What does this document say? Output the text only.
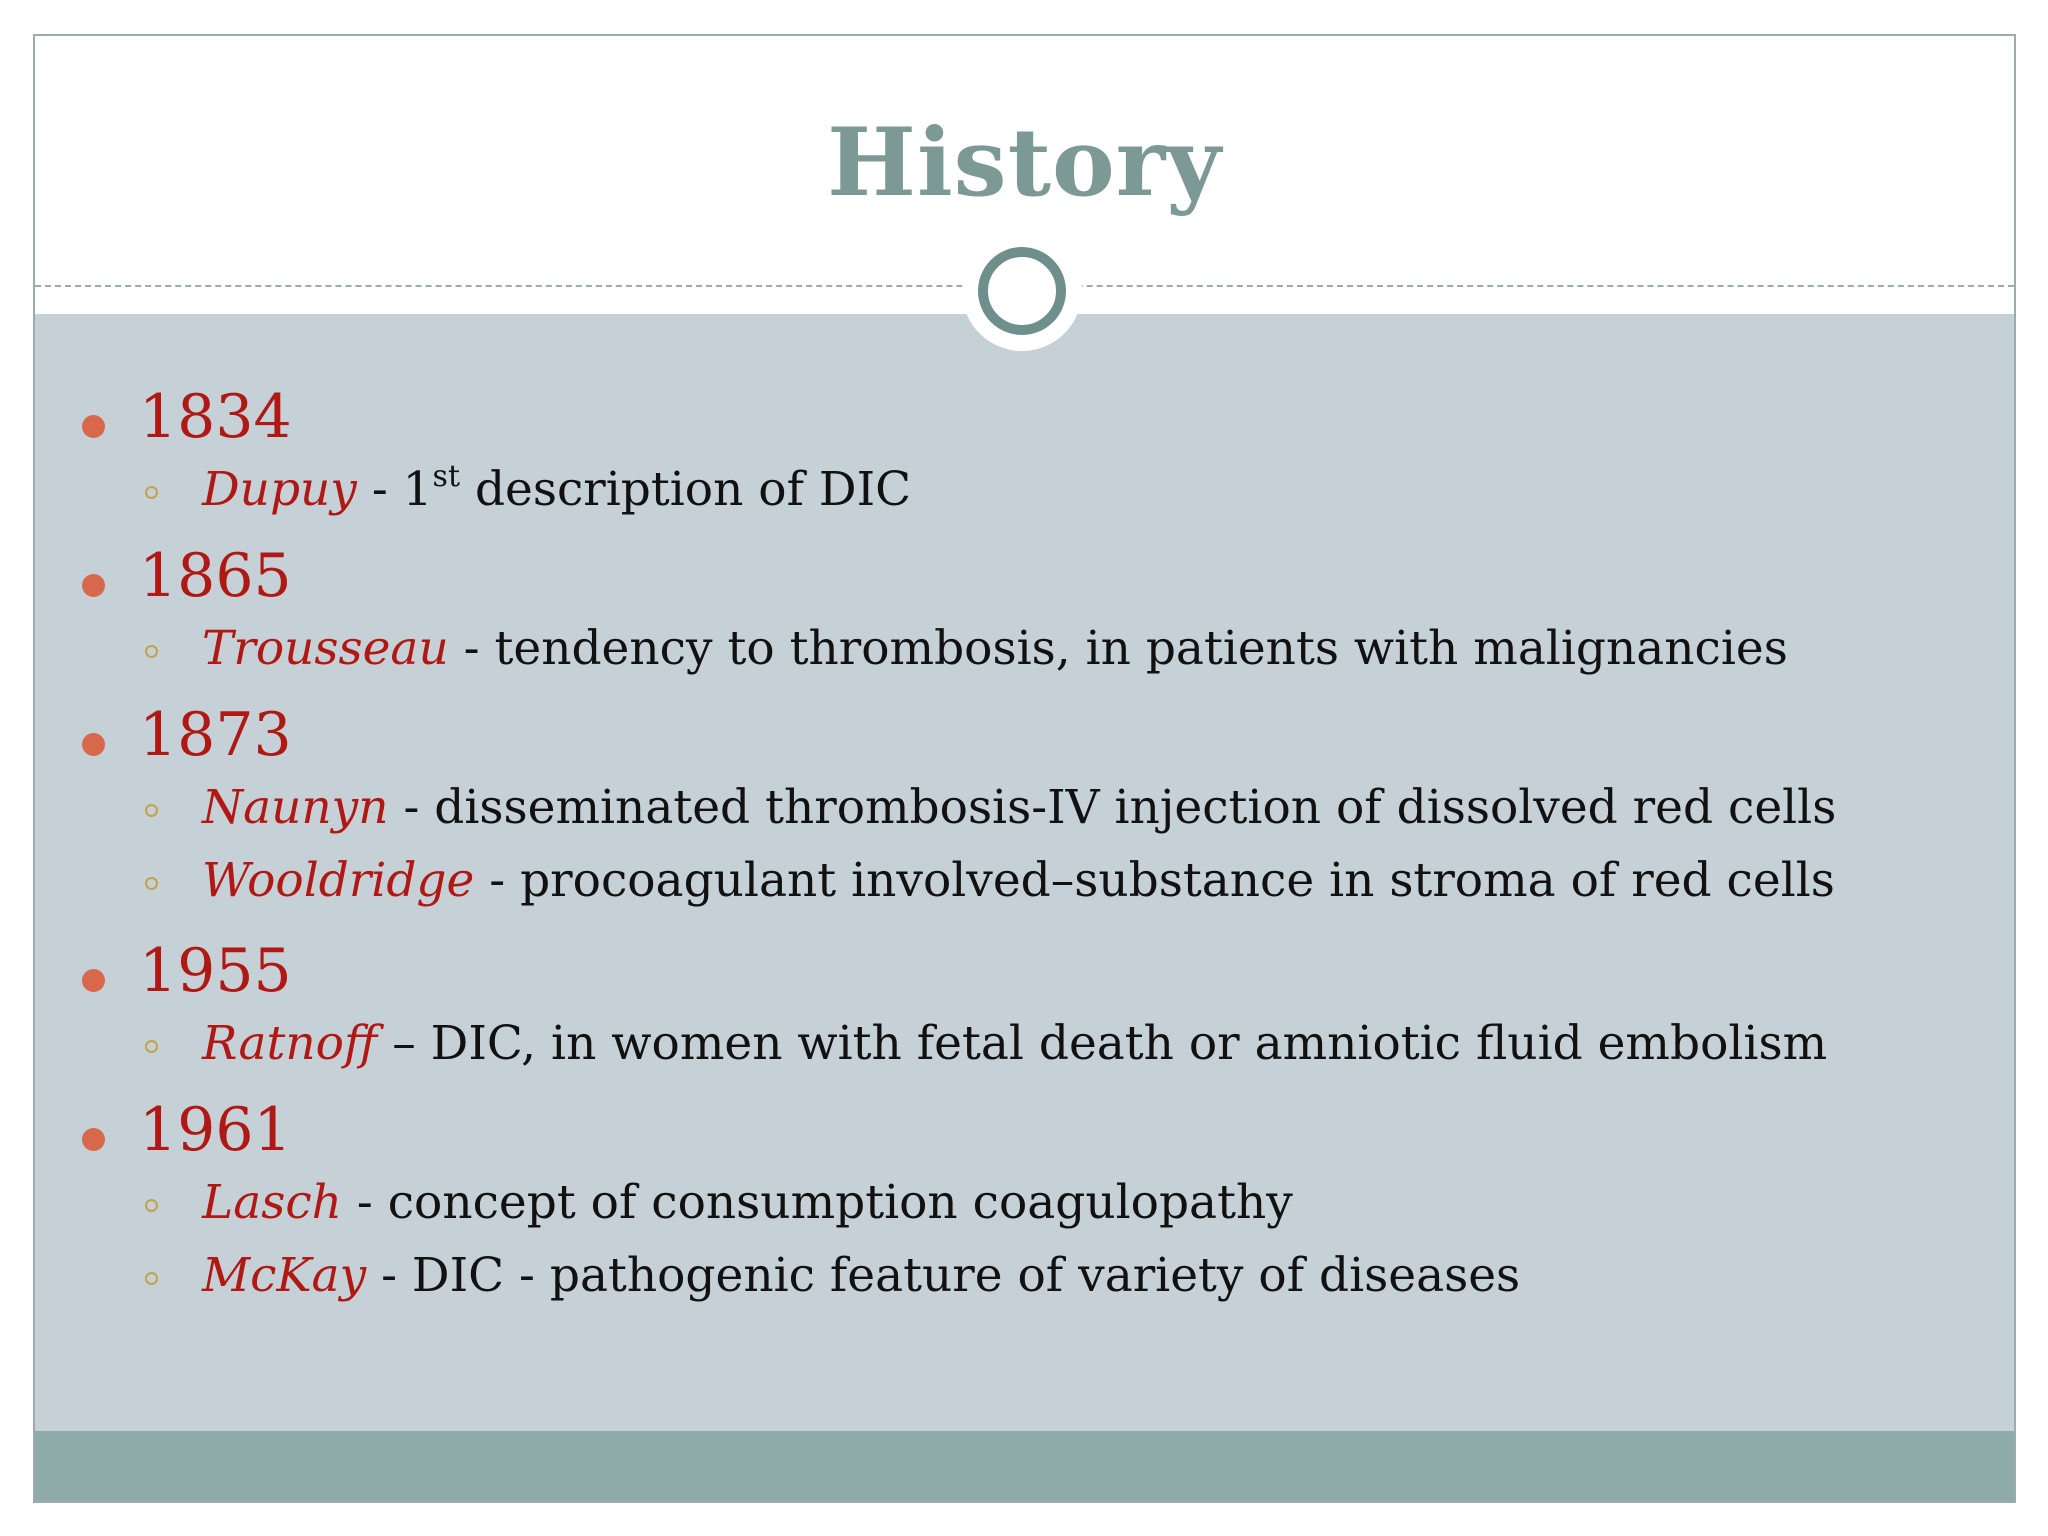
History
1834
Dupuy - 1st description of DIC
1865
Trousseau - tendency to thrombosis, in patients with malignancies
1873
Naunyn - disseminated thrombosis-IV injection of dissolved red cells
Wooldridge - procoagulant involved–substance in stroma of red cells
1955
Ratnoff – DIC, in women with fetal death or amniotic fluid embolism
1961
Lasch - concept of consumption coagulopathy
McKay - DIC - pathogenic feature of variety of diseases
